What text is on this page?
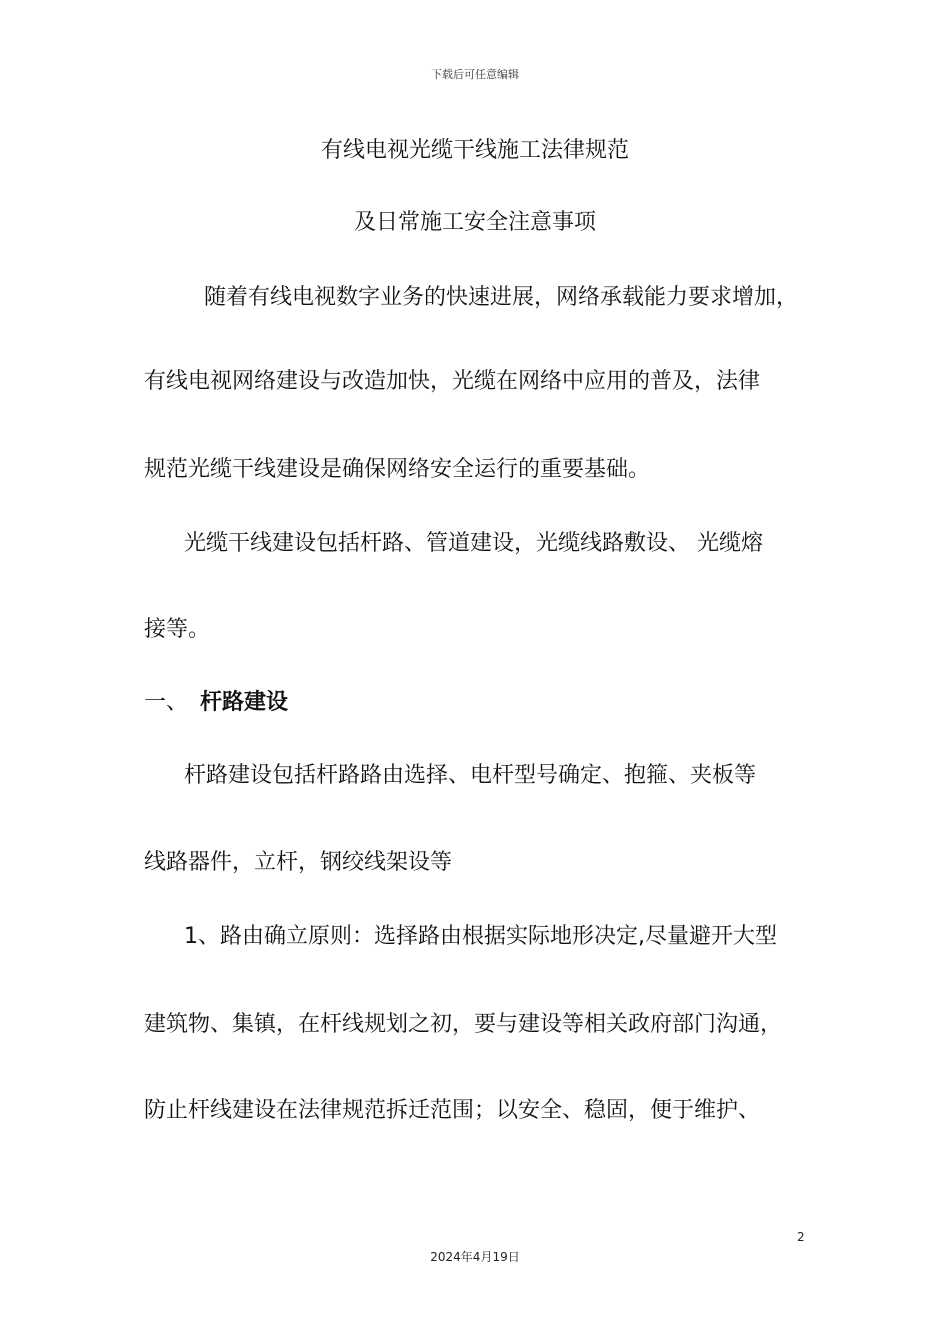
下载后可任意编辑
有线电视光缆干线施工法律规范
及日常施工安全注意事项
　随着有线电视数字业务的快速进展，网络承载能力要求增加，
有线电视网络建设与改造加快，光缆在网络中应用的普及，法律
规范光缆干线建设是确保网络安全运行的重要基础。
光缆干线建设包括杆路、管道建设，光缆线路敷设、 光缆熔
接等。
一、 杆路建设
杆路建设包括杆路路由选择、电杆型号确定、抱箍、夹板等
线路器件，立杆，钢绞线架设等
1、路由确立原则：选择路由根据实际地形决定,尽量避开大型
建筑物、集镇，在杆线规划之初，要与建设等相关政府部门沟通，
防止杆线建设在法律规范拆迁范围；以安全、稳固，便于维护、
2
2024年4月19日
